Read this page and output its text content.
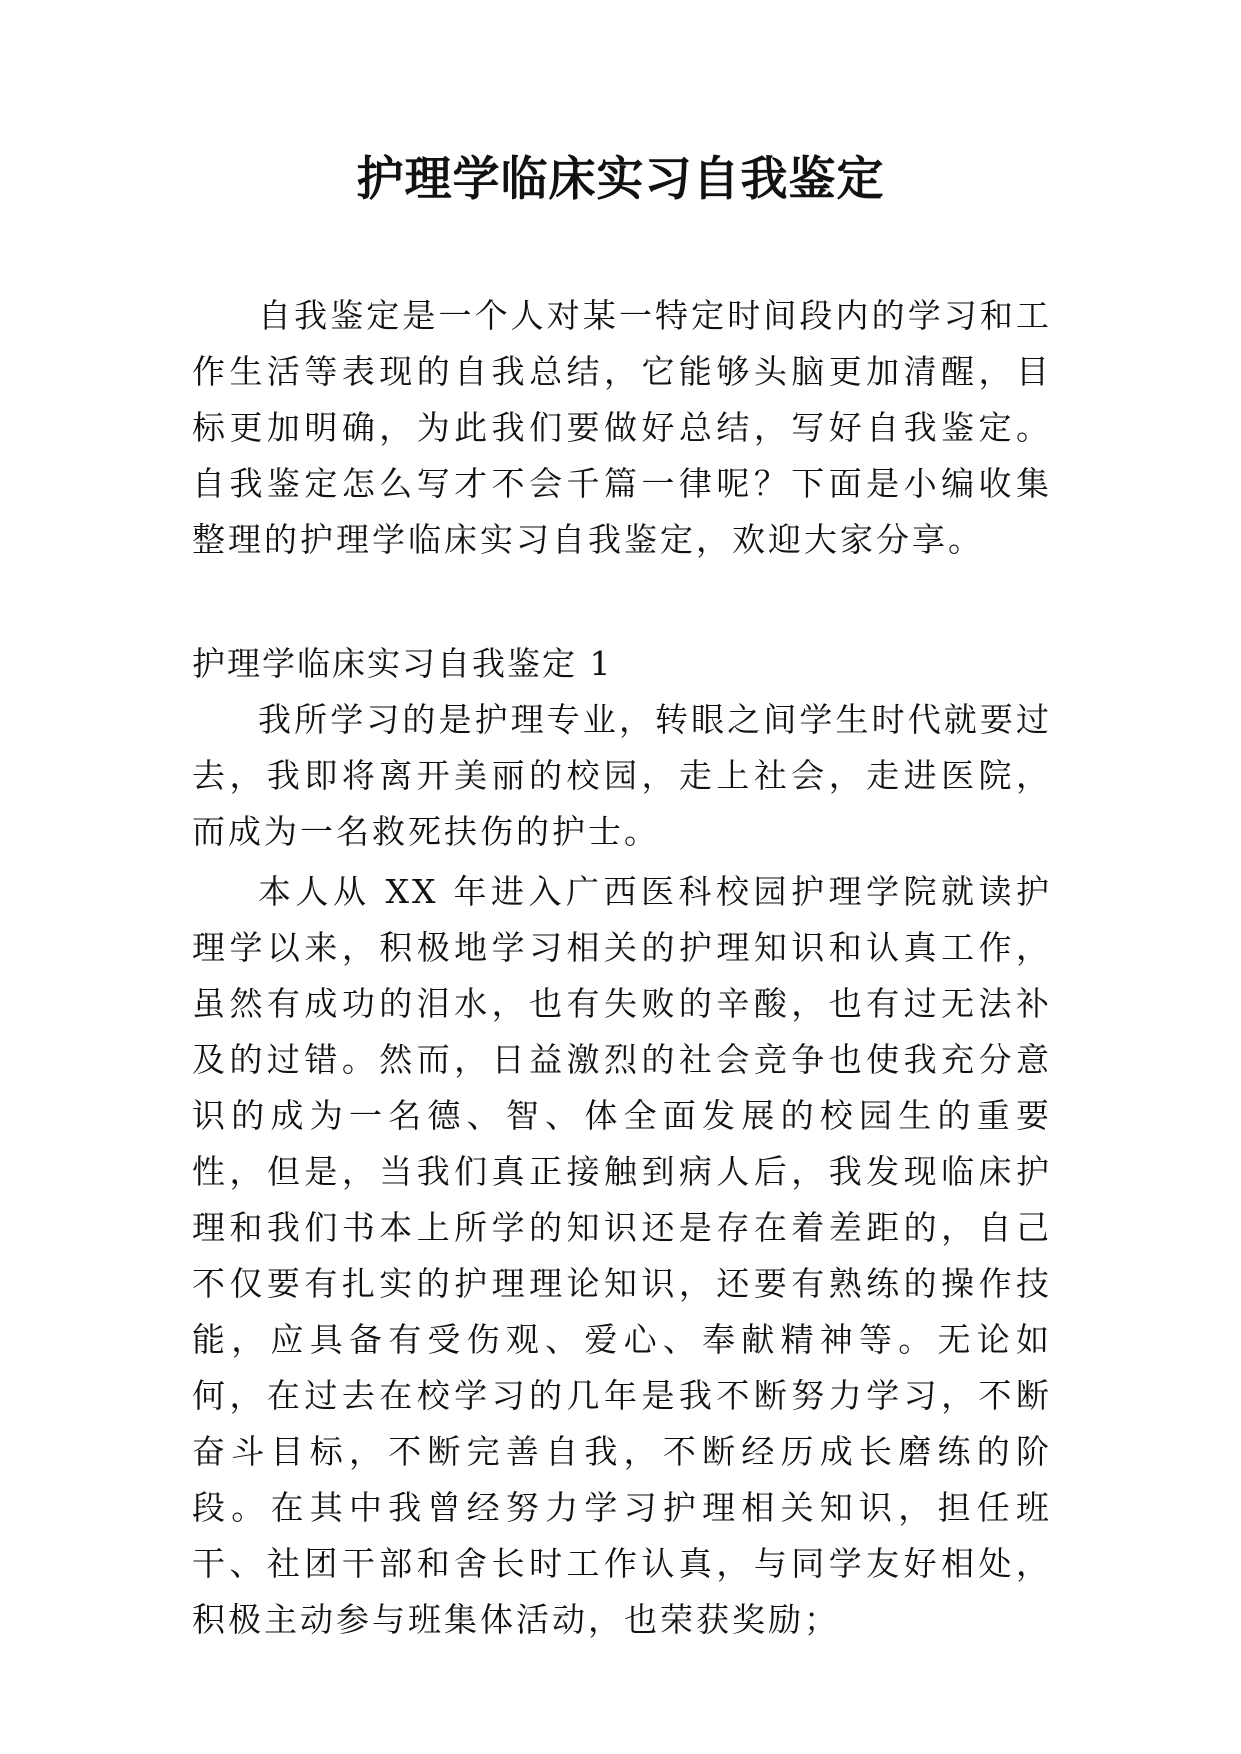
护理学临床实习自我鉴定

自我鉴定是一个人对某一特定时间段内的学习和工作生活等表现的自我总结，它能够头脑更加清醒，目标更加明确，为此我们要做好总结，写好自我鉴定。自我鉴定怎么写才不会千篇一律呢？下面是小编收集整理的护理学临床实习自我鉴定，欢迎大家分享。

护理学临床实习自我鉴定 1

我所学习的是护理专业，转眼之间学生时代就要过去，我即将离开美丽的校园，走上社会，走进医院，而成为一名救死扶伤的护士。

本人从 XX 年进入广西医科校园护理学院就读护理学以来，积极地学习相关的护理知识和认真工作，虽然有成功的泪水，也有失败的辛酸，也有过无法补及的过错。然而，日益激烈的社会竞争也使我充分意识的成为一名德、智、体全面发展的校园生的重要性，但是，当我们真正接触到病人后，我发现临床护理和我们书本上所学的知识还是存在着差距的，自己不仅要有扎实的护理理论知识，还要有熟练的操作技能，应具备有受伤观、爱心、奉献精神等。无论如何，在过去在校学习的几年是我不断努力学习，不断奋斗目标，不断完善自我，不断经历成长磨练的阶段。在其中我曾经努力学习护理相关知识，担任班干、社团干部和舍长时工作认真，与同学友好相处，积极主动参与班集体活动，也荣获奖励；
